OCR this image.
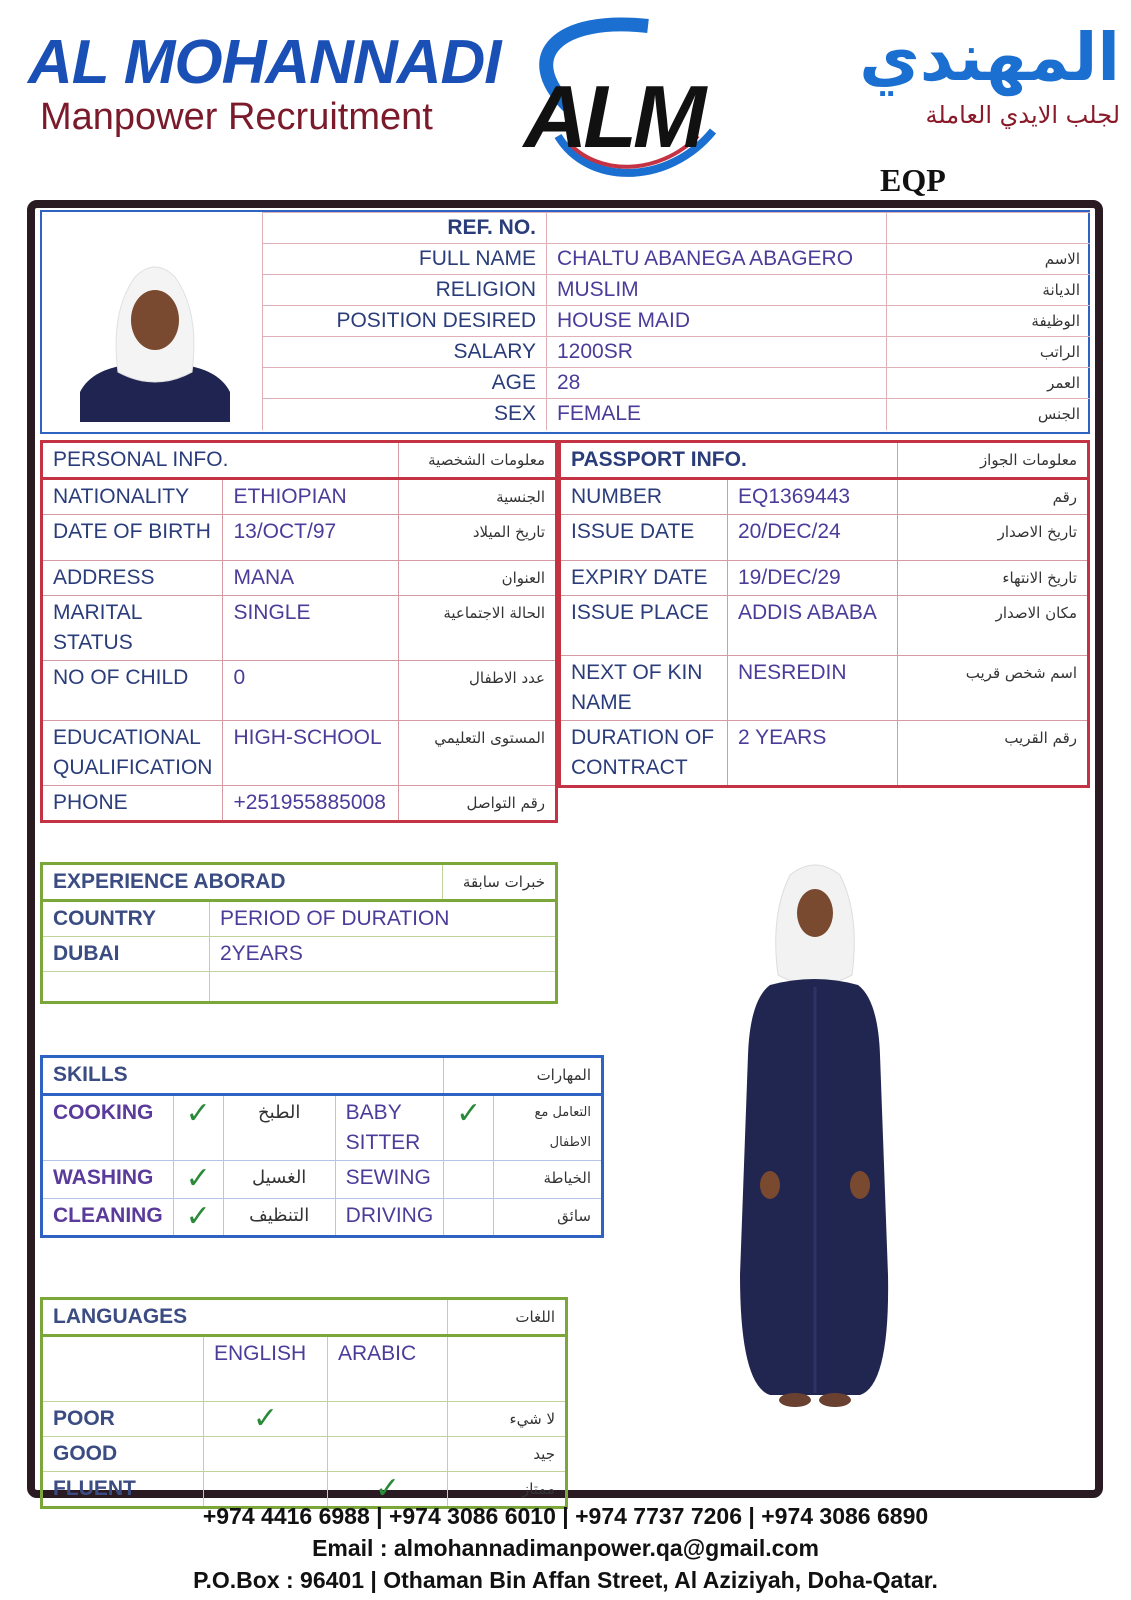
AL MOHANNADI
Manpower Recruitment	ALM
المهندي
لجلب الايدي العاملة
EQP
REF. NO.		
FULL NAME	CHALTU ABANEGA ABAGERO	الاسم
RELIGION	MUSLIM	الديانة
POSITION DESIRED	HOUSE MAID	الوظيفة
SALARY	1200SR	الراتب
AGE	28	العمر
SEX	FEMALE	الجنس
PERSONAL INFO.		معلومات الشخصية
NATIONALITY	ETHIOPIAN	الجنسية
DATE OF BIRTH	13/OCT/97	تاريخ الميلاد
ADDRESS	MANA	العنوان
MARITAL STATUS	SINGLE	الحالة الاجتماعية
NO OF CHILD	0	عدد الاطفال
EDUCATIONAL QUALIFICATION	HIGH-SCHOOL	المستوى التعليمي
PHONE	+251955885008	رقم التواصل
PASSPORT INFO.		معلومات الجواز
NUMBER	EQ1369443	رقم
ISSUE DATE	20/DEC/24	تاريخ الاصدار
EXPIRY DATE	19/DEC/29	تاريخ الانتهاء
ISSUE PLACE	ADDIS ABABA	مكان الاصدار
NEXT OF KIN NAME	NESREDIN	اسم شخص قريب
DURATION OF CONTRACT	2 YEARS	رقم القريب
EXPERIENCE ABORAD		خبرات سابقة
COUNTRY	PERIOD OF DURATION	
DUBAI	2YEARS	

SKILLS				المهارات	
COOKING	✓	الطبخ	BABY SITTER	✓	التعامل مع الاطفال
WASHING	✓	الغسيل	SEWING		الخياطة
CLEANING	✓	التنظيف	DRIVING		سائق
LANGUAGES			اللغات
	ENGLISH	ARABIC	
POOR	✓		لا شيء
GOOD			جيد
FLUENT		✓	ممتاز
+974 4416 6988 | +974 3086 6010 | +974 7737 7206 | +974 3086 6890
Email : almohannadimanpower.qa@gmail.com
P.O.Box : 96401 | Othaman Bin Affan Street, Al Aziziyah, Doha-Qatar.
